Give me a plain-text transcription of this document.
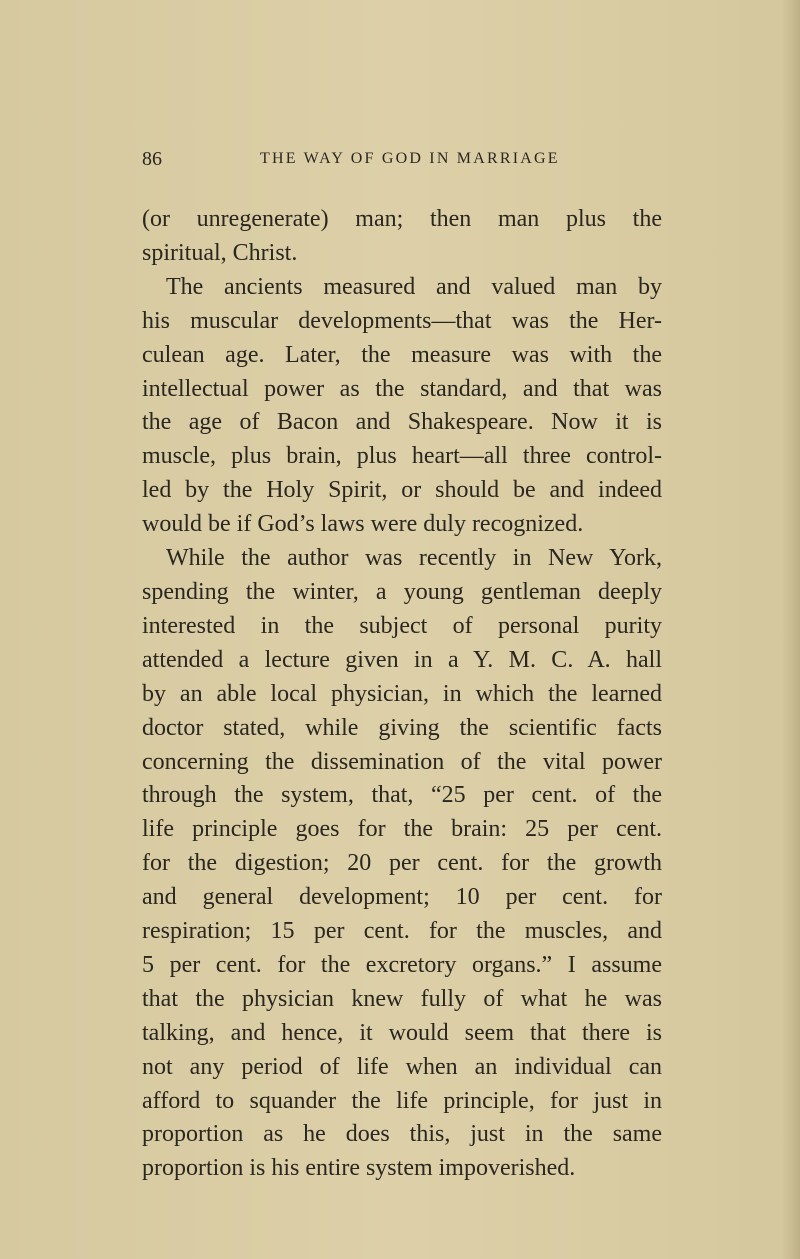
86	THE WAY OF GOD IN MARRIAGE
(or unregenerate) man; then man plus the
spiritual, Christ.
The ancients measured and valued man by
his muscular developments—that was the Her-
culean age. Later, the measure was with the
intellectual power as the standard, and that was
the age of Bacon and Shakespeare. Now it is
muscle, plus brain, plus heart—all three control-
led by the Holy Spirit, or should be and indeed
would be if God’s laws were duly recognized.
While the author was recently in New York,
spending the winter, a young gentleman deeply
interested in the subject of personal purity
attended a lecture given in a Y. M. C. A. hall
by an able local physician, in which the learned
doctor stated, while giving the scientific facts
concerning the dissemination of the vital power
through the system, that, “25 per cent. of the
life principle goes for the brain: 25 per cent.
for the digestion; 20 per cent. for the growth
and general development; 10 per cent. for
respiration; 15 per cent. for the muscles, and
5 per cent. for the excretory organs.” I assume
that the physician knew fully of what he was
talking, and hence, it would seem that there is
not any period of life when an individual can
afford to squander the life principle, for just in
proportion as he does this, just in the same
proportion is his entire system impoverished.
